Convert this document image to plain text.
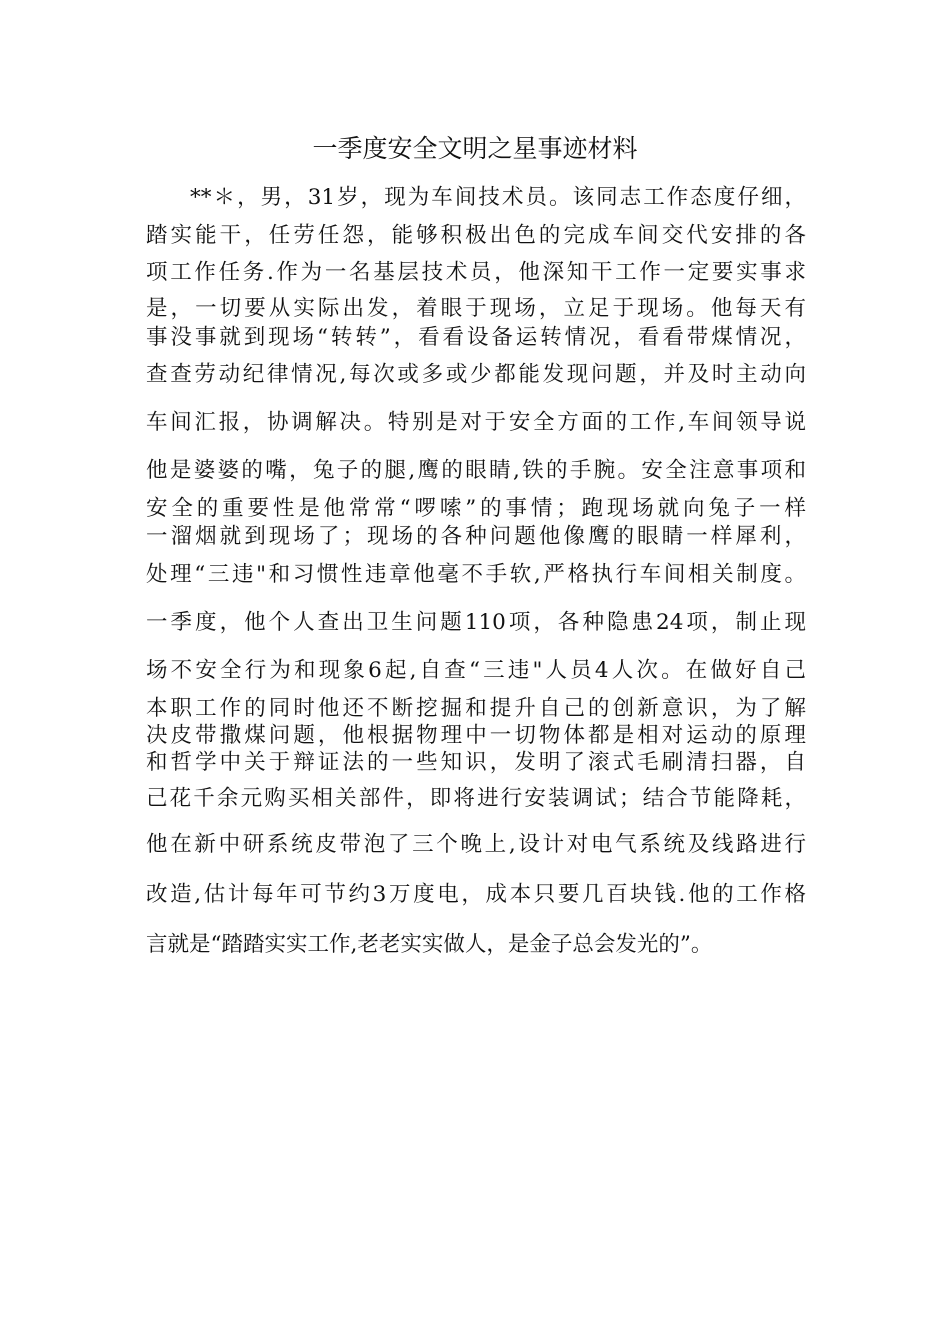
一季度安全文明之星事迹材料
**＊，男，31岁，现为车间技术员。该同志工作态度仔细，
踏实能干，任劳任怨，能够积极出色的完成车间交代安排的各
项工作任务.作为一名基层技术员，他深知干工作一定要实事求
是，一切要从实际出发，着眼于现场，立足于现场。他每天有
事没事就到现场“转转”，看看设备运转情况，看看带煤情况，
查查劳动纪律情况,每次或多或少都能发现问题，并及时主动向
车间汇报，协调解决。特别是对于安全方面的工作,车间领导说
他是婆婆的嘴，兔子的腿,鹰的眼睛,铁的手腕。安全注意事项和
安全的重要性是他常常“啰嗦”的事情；跑现场就向兔子一样
一溜烟就到现场了；现场的各种问题他像鹰的眼睛一样犀利，
处理“三违"和习惯性违章他毫不手软,严格执行车间相关制度。
一季度，他个人查出卫生问题110项，各种隐患24项，制止现
场不安全行为和现象6起,自查“三违"人员4人次。在做好自己
本职工作的同时他还不断挖掘和提升自己的创新意识，为了解
决皮带撒煤问题，他根据物理中一切物体都是相对运动的原理
和哲学中关于辩证法的一些知识，发明了滚式毛刷清扫器，自
己花千余元购买相关部件，即将进行安装调试；结合节能降耗，
他在新中研系统皮带泡了三个晚上,设计对电气系统及线路进行
改造,估计每年可节约3万度电，成本只要几百块钱.他的工作格
言就是“踏踏实实工作,老老实实做人，是金子总会发光的”。
